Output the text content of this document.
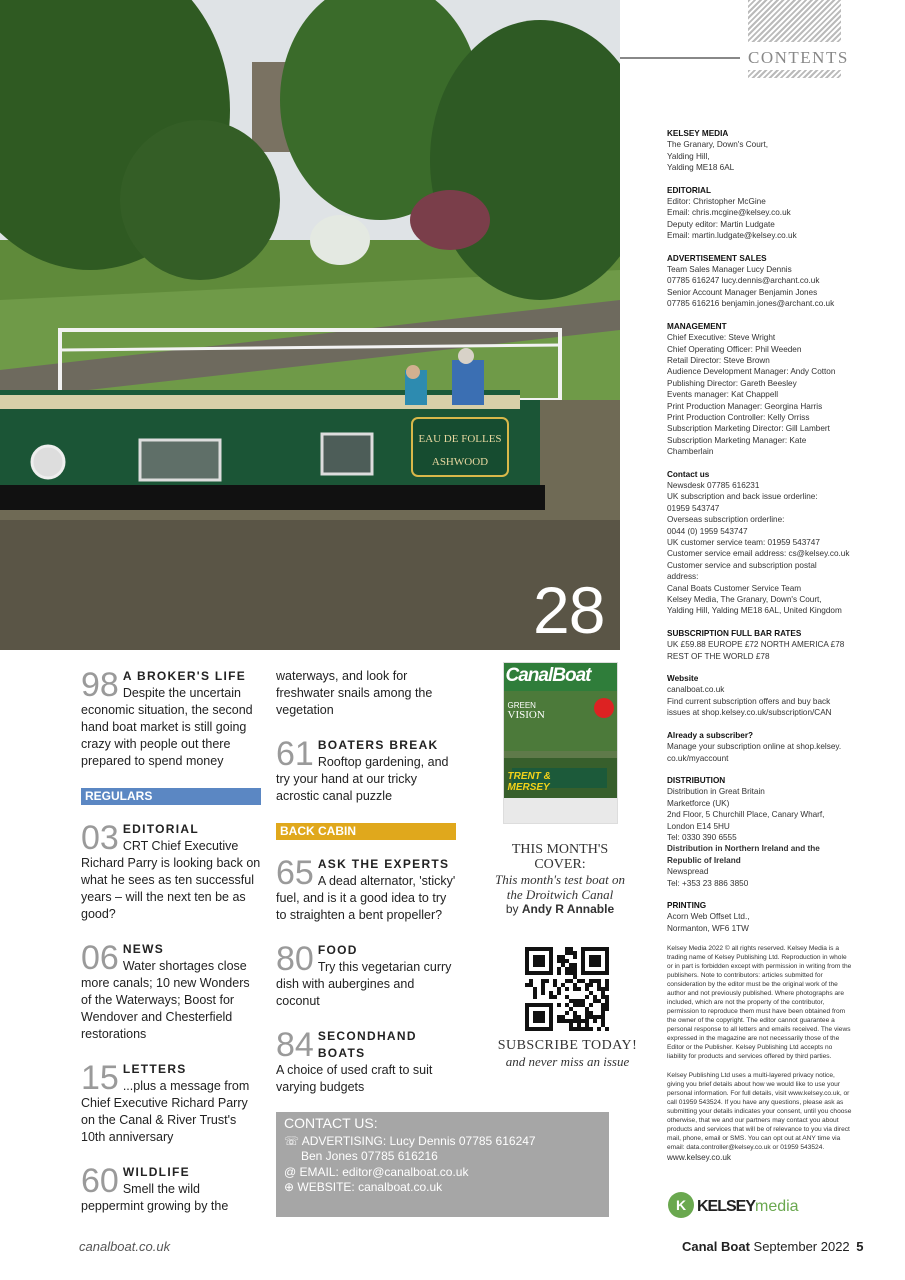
EAU DE FOLLES
ASHWOOD
28
CONTENTS
KELSEY MEDIA
The Granary, Down's Court,
Yalding Hill,
Yalding ME18 6AL
EDITORIAL
Editor: Christopher McGine
Email: chris.mcgine@kelsey.co.uk
Deputy editor: Martin Ludgate
Email: martin.ludgate@kelsey.co.uk
ADVERTISEMENT SALES
Team Sales Manager Lucy Dennis
07785 616247 lucy.dennis@archant.co.uk
Senior Account Manager Benjamin Jones
07785 616216 benjamin.jones@archant.co.uk
MANAGEMENT
Chief Executive: Steve Wright
Chief Operating Officer: Phil Weeden
Retail Director: Steve Brown
Audience Development Manager: Andy Cotton
Publishing Director: Gareth Beesley
Events manager: Kat Chappell
Print Production Manager: Georgina Harris
Print Production Controller: Kelly Orriss
Subscription Marketing Director: Gill Lambert
Subscription Marketing Manager: Kate
Chamberlain
Contact us
Newsdesk 07785 616231
UK subscription and back issue orderline:
01959 543747
Overseas subscription orderline:
0044 (0) 1959 543747
UK customer service team: 01959 543747
Customer service email address: cs@kelsey.co.uk
Customer service and subscription postal
address:
Canal Boats Customer Service Team
Kelsey Media, The Granary, Down's Court,
Yalding Hill, Yalding ME18 6AL, United Kingdom
SUBSCRIPTION FULL BAR RATES
UK £59.88 EUROPE £72 NORTH AMERICA £78
REST OF THE WORLD £78
Website
canalboat.co.uk
Find current subscription offers and buy back
issues at shop.kelsey.co.uk/subscription/CAN
Already a subscriber?
Manage your subscription online at shop.kelsey.
co.uk/myaccount
DISTRIBUTION
Distribution in Great Britain
Marketforce (UK)
2nd Floor, 5 Churchill Place, Canary Wharf,
London E14 5HU
Tel: 0330 390 6555
Distribution in Northern Ireland and the Republic of Ireland
Newspread
Tel: +353 23 886 3850
PRINTING
Acorn Web Offset Ltd.,
Normanton, WF6 1TW
Kelsey Media 2022 © all rights reserved. Kelsey Media is a trading name of Kelsey Publishing Ltd. Reproduction in whole or in part is forbidden except with permission in writing from the publishers. Note to contributors: articles submitted for consideration by the editor must be the original work of the author and not previously published. Where photographs are included, which are not the property of the contributor, permission to reproduce them must have been obtained from the owner of the copyright. The editor cannot guarantee a personal response to all letters and emails received. The views expressed in the magazine are not necessarily those of the Editor or the Publisher. Kelsey Publishing Ltd accepts no liability for products and services offered by third parties.
Kelsey Publishing Ltd uses a multi-layered privacy notice, giving you brief details about how we would like to use your personal information. For full details, visit www.kelsey.co.uk, or call 01959 543524. If you have any questions, please ask as submitting your details indicates your consent, until you choose otherwise, that we and our partners may contact you about products and services that will be of relevance to you via direct mail, phone, email or SMS. You can opt out at ANY time via email: data.controller@kelsey.co.uk or 01959 543524.
www.kelsey.co.uk
98 A BROKER'S LIFE
Despite the uncertain economic situation, the second hand boat market is still going crazy with people out there prepared to spend money
REGULARS
03 EDITORIAL
CRT Chief Executive Richard Parry is looking back on what he sees as ten successful years – will the next ten be as good?
06 NEWS
Water shortages close more canals; 10 new Wonders of the Waterways; Boost for Wendover and Chesterfield restorations
15 LETTERS
...plus a message from Chief Executive Richard Parry on the Canal & River Trust's 10th anniversary
60 WILDLIFE
Smell the wild peppermint growing by the
waterways, and look for freshwater snails among the vegetation
61 BOATERS BREAK
Rooftop gardening, and try your hand at our tricky acrostic canal puzzle
BACK CABIN
65 ASK THE EXPERTS
A dead alternator, 'sticky' fuel, and is it a good idea to try to straighten a bent propeller?
80 FOOD
Try this vegetarian curry dish with aubergines and coconut
84 SECONDHAND BOATS
A choice of used craft to suit varying budgets
CanalBoat
GREEN
VISION
TRENT &
MERSEY
THIS MONTH'S
COVER:
This month's test boat on the Droitwich Canal
by Andy R Annable
SUBSCRIBE TODAY!
and never miss an issue
CONTACT US:
☏ ADVERTISING: Lucy Dennis 07785 616247
Ben Jones 07785 616216
@ EMAIL: editor@canalboat.co.uk
⊕ WEBSITE: canalboat.co.uk
K KELSEY media
canalboat.co.uk	Canal Boat September 2022 5
